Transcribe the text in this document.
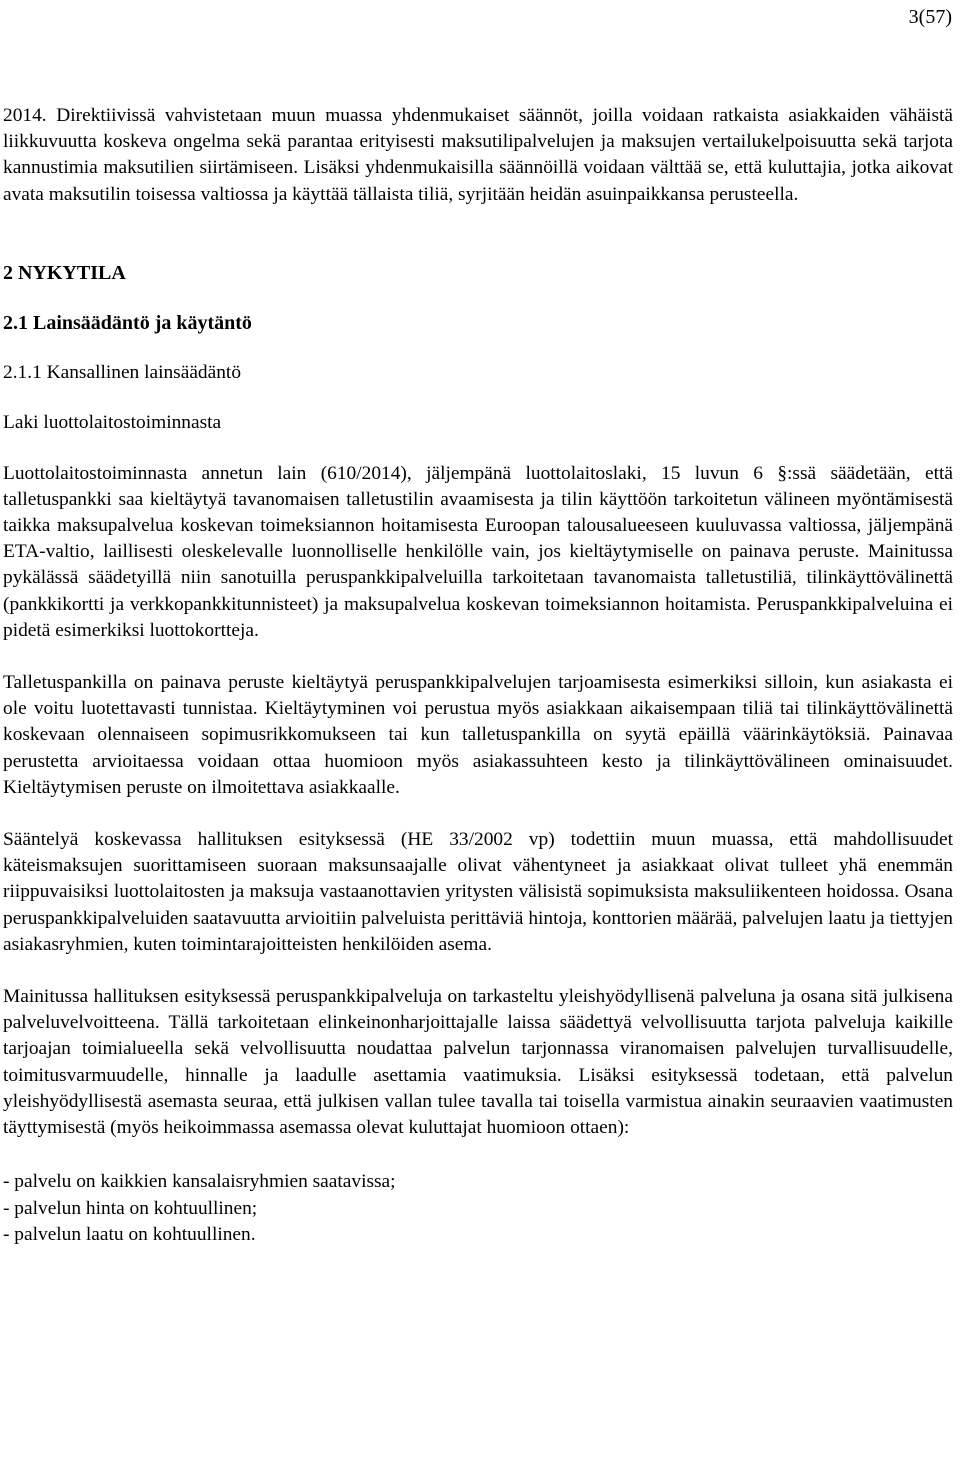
3(57)

2014. Direktiivissä vahvistetaan muun muassa yhdenmukaiset säännöt, joilla voidaan ratkaista asiakkaiden vähäistä liikkuvuutta koskeva ongelma sekä parantaa erityisesti maksutilipalvelujen ja maksujen vertailukelpoisuutta sekä tarjota kannustimia maksutilien siirtämiseen. Lisäksi yhdenmukaisilla säännöillä voidaan välttää se, että kuluttajia, jotka aikovat avata maksutilin toisessa valtiossa ja käyttää tällaista tiliä, syrjitään heidän asuinpaikkansa perusteella.

2 NYKYTILA

2.1 Lainsäädäntö ja käytäntö

2.1.1 Kansallinen lainsäädäntö

Laki luottolaitostoiminnasta

Luottolaitostoiminnasta annetun lain (610/2014), jäljempänä luottolaitoslaki, 15 luvun 6 §:ssä säädetään, että talletuspankki saa kieltäytyä tavanomaisen talletustilin avaamisesta ja tilin käyttöön tarkoitetun välineen myöntämisestä taikka maksupalvelua koskevan toimeksiannon hoitamisesta Euroopan talousalueeseen kuuluvassa valtiossa, jäljempänä ETA-valtio, laillisesti oleskelevalle luonnolliselle henkilölle vain, jos kieltäytymiselle on painava peruste. Mainitussa pykälässä säädetyillä niin sanotuilla peruspankkipalveluilla tarkoitetaan tavanomaista talletustiliä, tilinkäyttövälinettä (pankkikortti ja verkkopankkitunnisteet) ja maksupalvelua koskevan toimeksiannon hoitamista. Peruspankkipalveluina ei pidetä esimerkiksi luottokortteja.

Talletuspankilla on painava peruste kieltäytyä peruspankkipalvelujen tarjoamisesta esimerkiksi silloin, kun asiakasta ei ole voitu luotettavasti tunnistaa. Kieltäytyminen voi perustua myös asiakkaan aikaisempaan tiliä tai tilinkäyttövälinettä koskevaan olennaiseen sopimusrikkomukseen tai kun talletuspankilla on syytä epäillä väärinkäytöksiä. Painavaa perustetta arvioitaessa voidaan ottaa huomioon myös asiakassuhteen kesto ja tilinkäyttövälineen ominaisuudet. Kieltäytymisen peruste on ilmoitettava asiakkaalle.

Sääntelyä koskevassa hallituksen esityksessä (HE 33/2002 vp) todettiin muun muassa, että mahdollisuudet käteismaksujen suorittamiseen suoraan maksunsaajalle olivat vähentyneet ja asiakkaat olivat tulleet yhä enemmän riippuvaisiksi luottolaitosten ja maksuja vastaanottavien yritysten välisistä sopimuksista maksuliikenteen hoidossa. Osana peruspankkipalveluiden saatavuutta arvioitiin palveluista perittäviä hintoja, konttorien määrää, palvelujen laatu ja tiettyjen asiakasryhmien, kuten toimintarajoitteisten henkilöiden asema.

Mainitussa hallituksen esityksessä peruspankkipalveluja on tarkasteltu yleishyödyllisenä palveluna ja osana sitä julkisena palveluvelvoitteena. Tällä tarkoitetaan elinkeinonharjoittajalle laissa säädettyä velvollisuutta tarjota palveluja kaikille tarjoajan toimialueella sekä velvollisuutta noudattaa palvelun tarjonnassa viranomaisen palvelujen turvallisuudelle, toimitusvarmuudelle, hinnalle ja laadulle asettamia vaatimuksia. Lisäksi esityksessä todetaan, että palvelun yleishyödyllisestä asemasta seuraa, että julkisen vallan tulee tavalla tai toisella varmistua ainakin seuraavien vaatimusten täyttymisestä (myös heikoimmassa asemassa olevat kuluttajat huomioon ottaen):

- palvelu on kaikkien kansalaisryhmien saatavissa;
- palvelun hinta on kohtuullinen;
- palvelun laatu on kohtuullinen.
